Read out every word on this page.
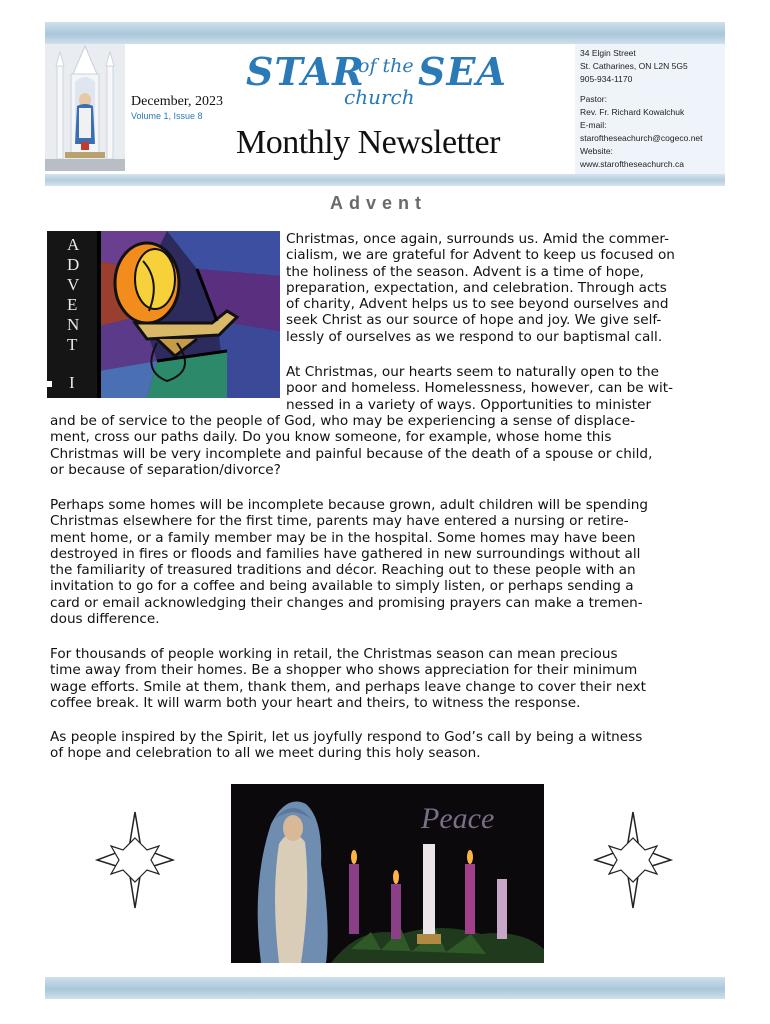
STAR
of the SEA
church
December, 2023
Volume 1, Issue 8
Monthly Newsletter
34 Elgin Street
St. Catharines, ON L2N 5G5
905-934-1170
Pastor:
Rev. Fr. Richard Kowalchuk
E-mail:
staroftheseachurch@cogeco.net
Website:
www.staroftheseachurch.ca
Advent
A
D
V
E
N
T
I
Christmas, once again, surrounds us. Amid the commer-
cialism, we are grateful for Advent to keep us focused on
the holiness of the season. Advent is a time of hope,
preparation, expectation, and celebration. Through acts
of charity, Advent helps us to see beyond ourselves and
seek Christ as our source of hope and joy. We give self-
lessly of ourselves as we respond to our baptismal call.
At Christmas, our hearts seem to naturally open to the
poor and homeless. Homelessness, however, can be wit-
nessed in a variety of ways. Opportunities to minister
and be of service to the people of God, who may be experiencing a sense of displace-
ment, cross our paths daily. Do you know someone, for example, whose home this
Christmas will be very incomplete and painful because of the death of a spouse or child,
or because of separation/divorce?
Perhaps some homes will be incomplete because grown, adult children will be spending
Christmas elsewhere for the first time, parents may have entered a nursing or retire-
ment home, or a family member may be in the hospital. Some homes may have been
destroyed in fires or floods and families have gathered in new surroundings without all
the familiarity of treasured traditions and décor. Reaching out to these people with an
invitation to go for a coffee and being available to simply listen, or perhaps sending a
card or email acknowledging their changes and promising prayers can make a tremen-
dous difference.
For thousands of people working in retail, the Christmas season can mean precious
time away from their homes. Be a shopper who shows appreciation for their minimum
wage efforts. Smile at them, thank them, and perhaps leave change to cover their next
coffee break. It will warm both your heart and theirs, to witness the response.
As people inspired by the Spirit, let us joyfully respond to God’s call by being a witness
of hope and celebration to all we meet during this holy season.
Peace
